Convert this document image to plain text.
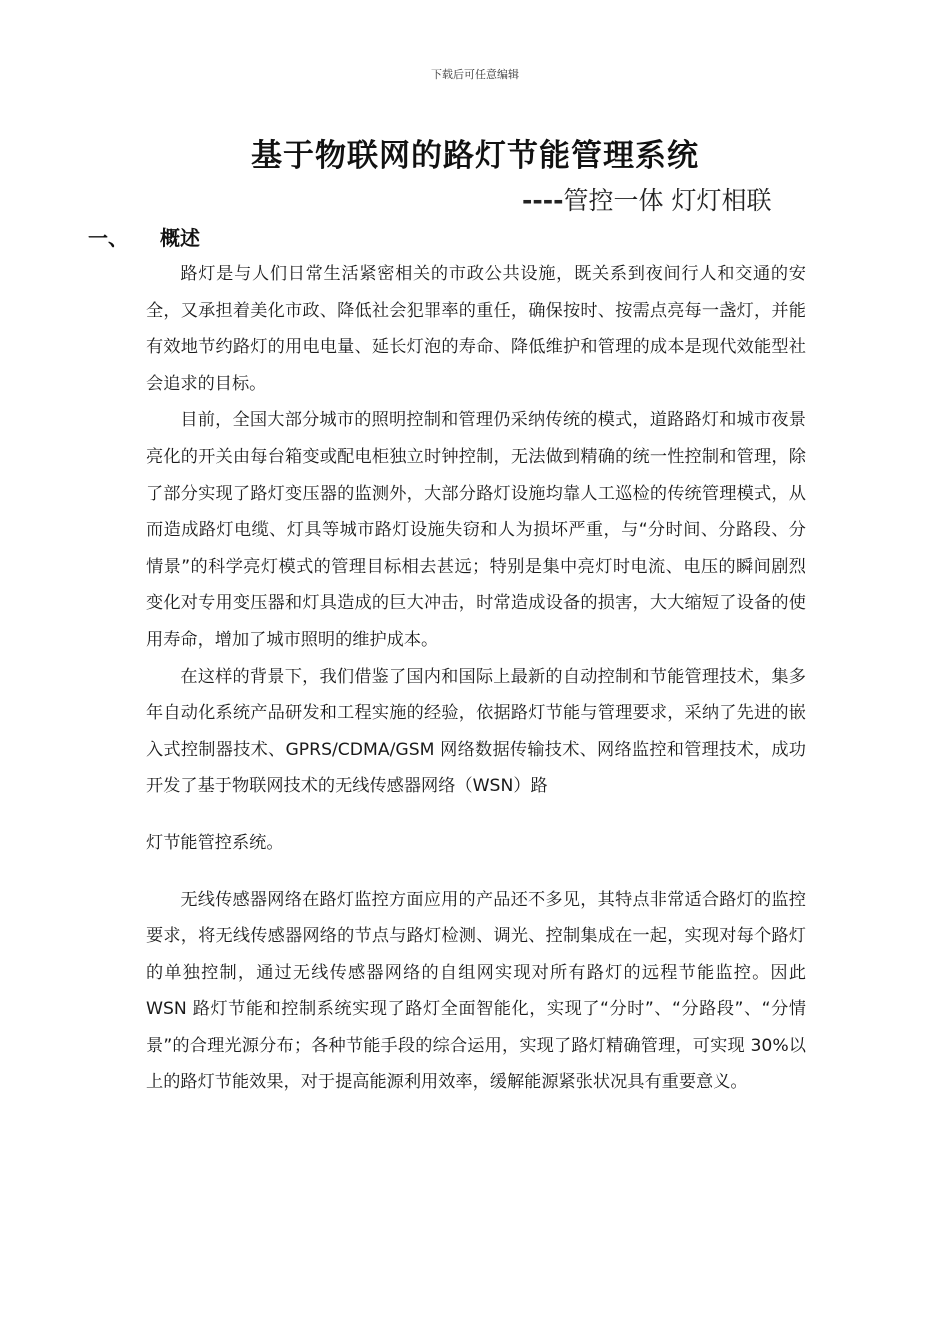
下载后可任意编辑
基于物联网的路灯节能管理系统
----管控一体 灯灯相联
一、 概述

路灯是与人们日常生活紧密相关的市政公共设施，既关系到夜间行人和交通的安全，又承担着美化市政、降低社会犯罪率的重任，确保按时、按需点亮每一盏灯，并能有效地节约路灯的用电电量、延长灯泡的寿命、降低维护和管理的成本是现代效能型社会追求的目标。

目前，全国大部分城市的照明控制和管理仍采纳传统的模式，道路路灯和城市夜景亮化的开关由每台箱变或配电柜独立时钟控制，无法做到精确的统一性控制和管理，除了部分实现了路灯变压器的监测外，大部分路灯设施均靠人工巡检的传统管理模式，从而造成路灯电缆、灯具等城市路灯设施失窃和人为损坏严重，与“分时间、分路段、分情景”的科学亮灯模式的管理目标相去甚远；特别是集中亮灯时电流、电压的瞬间剧烈变化对专用变压器和灯具造成的巨大冲击，时常造成设备的损害，大大缩短了设备的使用寿命，增加了城市照明的维护成本。

在这样的背景下，我们借鉴了国内和国际上最新的自动控制和节能管理技术，集多年自动化系统产品研发和工程实施的经验，依据路灯节能与管理要求，采纳了先进的嵌入式控制器技术、GPRS/CDMA/GSM 网络数据传输技术、网络监控和管理技术，成功开发了基于物联网技术的无线传感器网络（WSN）路

灯节能管控系统。

无线传感器网络在路灯监控方面应用的产品还不多见，其特点非常适合路灯的监控要求，将无线传感器网络的节点与路灯检测、调光、控制集成在一起，实现对每个路灯的单独控制，通过无线传感器网络的自组网实现对所有路灯的远程节能监控。因此 WSN 路灯节能和控制系统实现了路灯全面智能化，实现了“分时”、“分路段”、“分情景”的合理光源分布；各种节能手段的综合运用，实现了路灯精确管理，可实现 30%以上的路灯节能效果，对于提高能源利用效率，缓解能源紧张状况具有重要意义。
